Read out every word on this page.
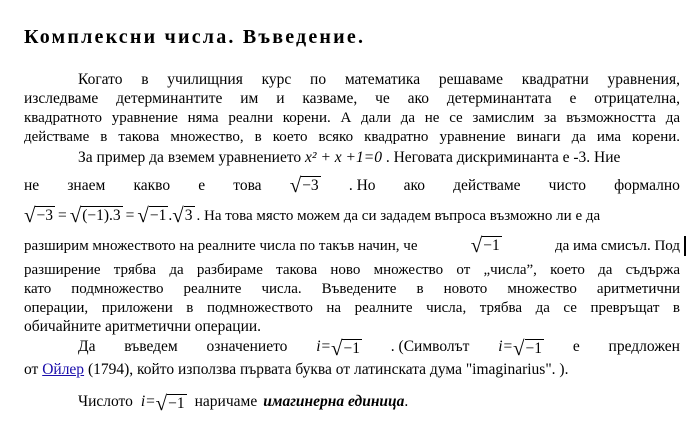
Комплексни числа. Въведение.
Когато в училищния курс по математика решаваме квадратни уравнения,
изследваме детерминантите им и казваме, че ако детерминантата е отрицателна,
квадратното уравнение няма реални корени. А дали да не се замислим за възможността да
действаме в такова множество, в което всяко квадратно уравнение винаги да има корени.
За пример да вземем уравнението
x² + x +1=0
. Неговата дискриминанта е -3. Ние
не знаем какво е това √ −3 . Но ако действаме чисто формално
√ −3 = √ (−1).3 = √ −1 . √ 3 . На това място можем да си зададем въпроса възможно ли е да
разширим множеството на реалните числа по такъв начин, че	√ −1	да има смисъл. Под
разширение трябва да разбираме такова ново множество от „числа”, което да съдържа
като подмножество реалните числа. Въведените в новото множество аритметични
операции, приложени в подмножеството на реалните числа, трябва да се превръщат в
обичайните аритметични операции.
Да въведем означението i= √ −1 . (Символът i= √ −1 е предложен
от
Ойлер
(1794), който използва първата буква от латинската дума "imaginarius". ).
Числото i= √ −1 наричаме имагинерна единица .
